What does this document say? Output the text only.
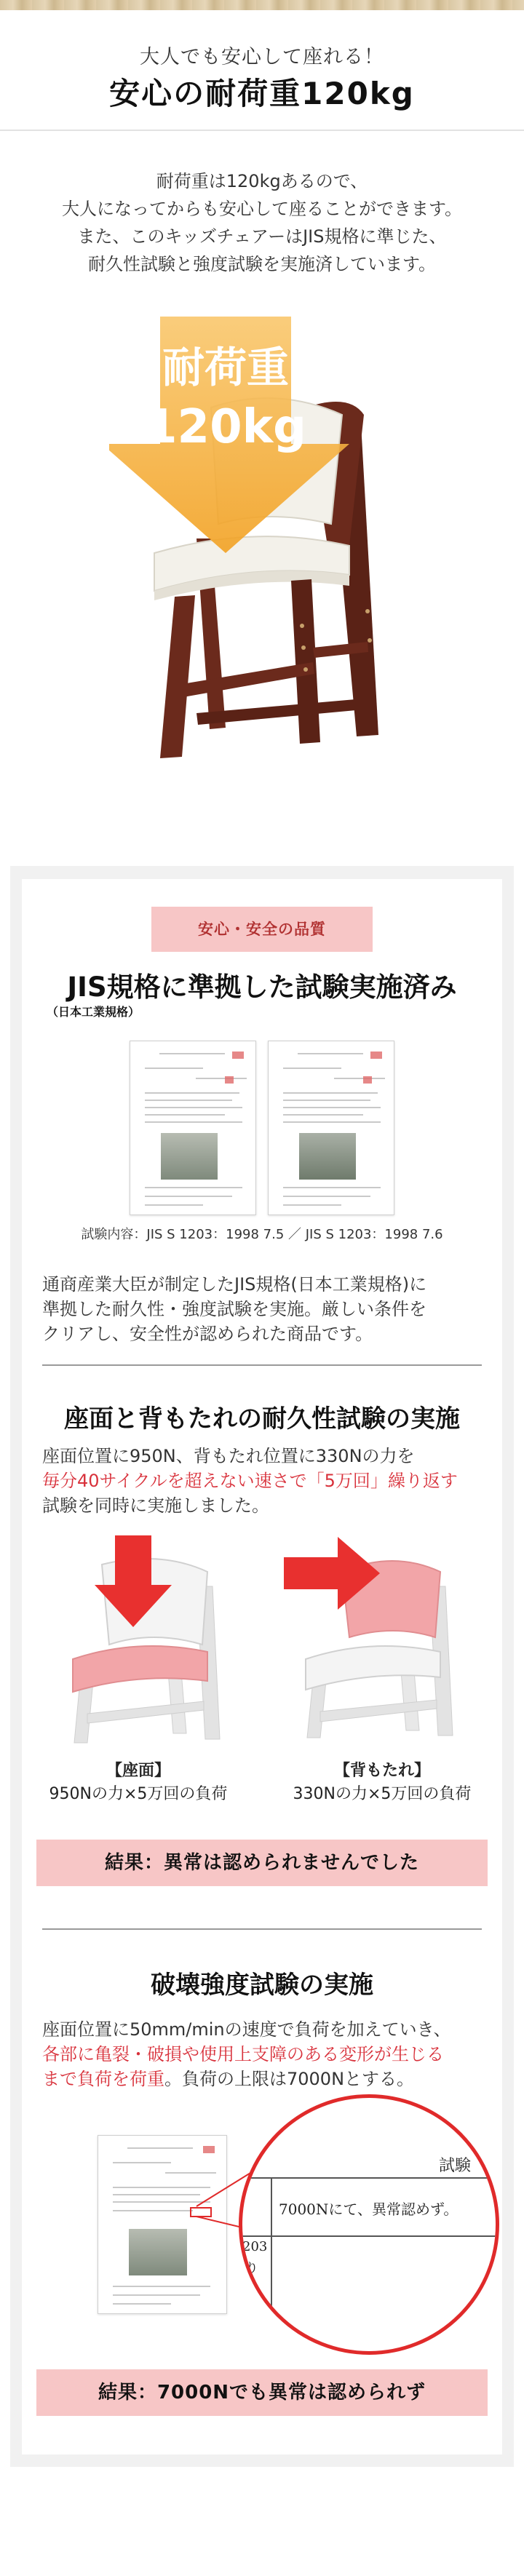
大人でも安心して座れる！
安心の耐荷重120kg

耐荷重は120kgあるので、

大人になってからも安心して座ることができます。

また、このキッズチェアーはJIS規格に準じた、

耐久性試験と強度試験を実施済しています。

耐荷重
120kg
安心・安全の品質
JIS規格に準拠した試験実施済み
（日本工業規格）
試験内容：JIS S 1203：1998 7.5 ／ JIS S 1203：1998 7.6

通商産業大臣が制定したJIS規格(日本工業規格)に

準拠した耐久性・強度試験を実施。厳しい条件を

クリアし、安全性が認められた商品です。

座面と背もたれの耐久性試験の実施

座面位置に950N、背もたれ位置に330Nの力を

毎分40サイクルを超えない速さで「5万回」繰り返す

試験を同時に実施しました。

【座面】
950Nの力×5万回の負荷
【背もたれ】
330Nの力×5万回の負荷
結果：異常は認められませんでした
破壊強度試験の実施

座面位置に50mm/minの速度で負荷を加えていき、

各部に亀裂・破損や使用上支障のある変形が生じる

まで負荷を荷重。負荷の上限は7000Nとする。

試験
7000Nにて、異常認めず。
203
り
結果：7000Nでも異常は認められず
